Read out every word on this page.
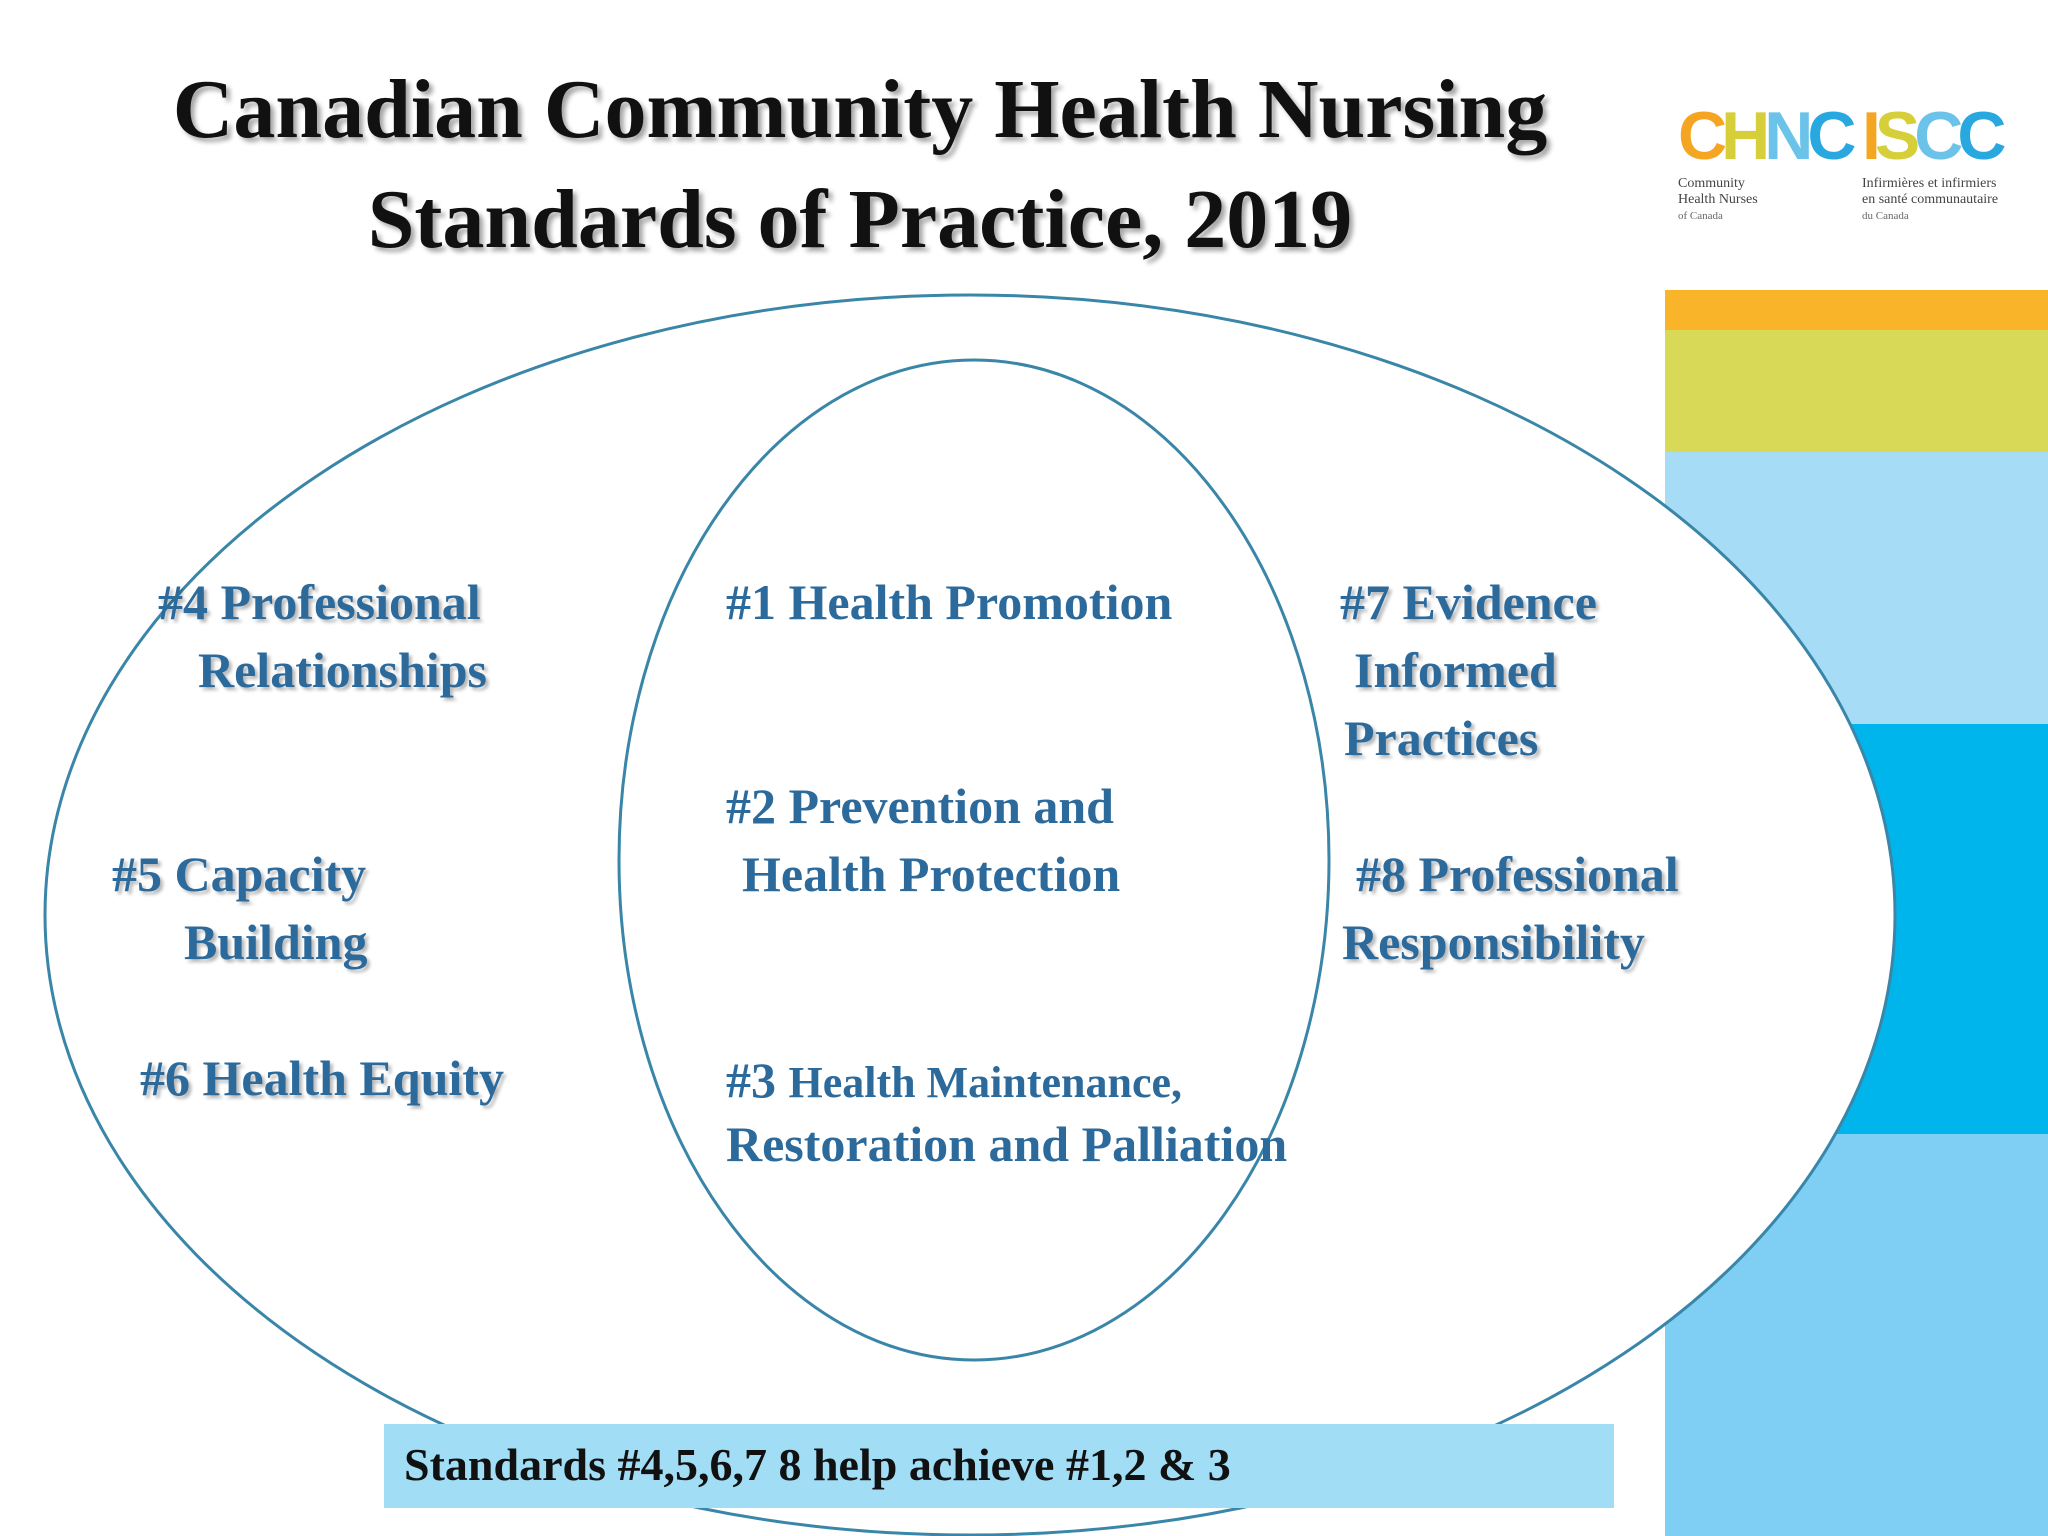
Canadian Community Health Nursing
Standards of Practice, 2019
CHNC
Community
Health Nurses
of Canada
ISCC
Infirmières et infirmiers
en santé communautaire
du Canada
#4 Professional
Relationships
#5 Capacity
Building
#6 Health Equity
#1 Health Promotion
#2 Prevention and
Health Protection
#3 Health Maintenance,
Restoration and Palliation
#7 Evidence
Informed
Practices
#8 Professional
Responsibility
Standards #4,5,6,7 8 help achieve #1,2 & 3
